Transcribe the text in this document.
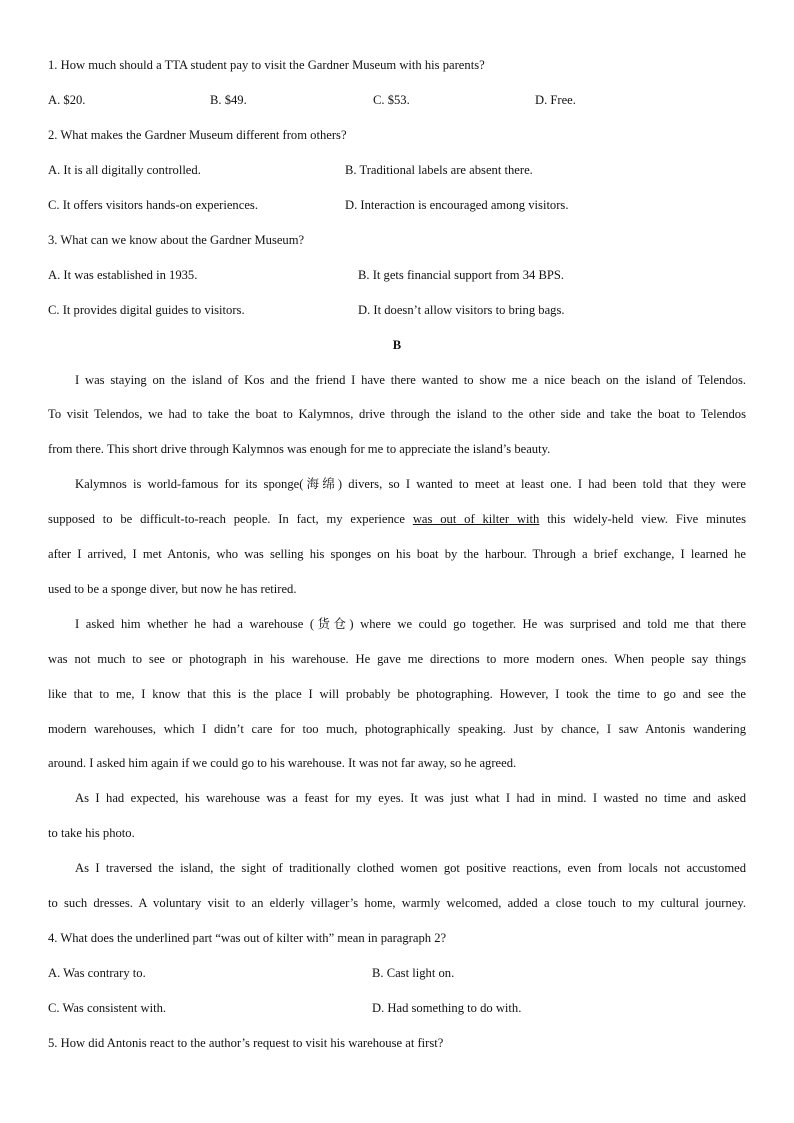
1. How much should a TTA student pay to visit the Gardner Museum with his parents?
A. $20.	B. $49.	C. $53.	D. Free.
2. What makes the Gardner Museum different from others?
A. It is all digitally controlled.	B. Traditional labels are absent there.
C. It offers visitors hands-on experiences.	D. Interaction is encouraged among visitors.
3. What can we know about the Gardner Museum?
A. It was established in 1935.	B. It gets financial support from 34 BPS.
C. It provides digital guides to visitors.	D. It doesn’t allow visitors to bring bags.
B
I was staying on the island of Kos and the friend I have there wanted to show me a nice beach on the island of Telendos.
To visit Telendos, we had to take the boat to Kalymnos, drive through the island to the other side and take the boat to Telendos
from there. This short drive through Kalymnos was enough for me to appreciate the island’s beauty.
Kalymnos is world-famous for its sponge(海绵) divers, so I wanted to meet at least one. I had been told that they were
supposed to be difficult-to-reach people. In fact, my experience was out of kilter with this widely-held view. Five minutes
after I arrived, I met Antonis, who was selling his sponges on his boat by the harbour. Through a brief exchange, I learned he
used to be a sponge diver, but now he has retired.
I asked him whether he had a warehouse (货仓) where we could go together. He was surprised and told me that there
was not much to see or photograph in his warehouse. He gave me directions to more modern ones. When people say things
like that to me, I know that this is the place I will probably be photographing. However, I took the time to go and see the
modern warehouses, which I didn’t care for too much, photographically speaking. Just by chance, I saw Antonis wandering
around. I asked him again if we could go to his warehouse. It was not far away, so he agreed.
As I had expected, his warehouse was a feast for my eyes. It was just what I had in mind. I wasted no time and asked
to take his photo.
As I traversed the island, the sight of traditionally clothed women got positive reactions, even from locals not accustomed
to such dresses. A voluntary visit to an elderly villager’s home, warmly welcomed, added a close touch to my cultural journey.
4. What does the underlined part “was out of kilter with” mean in paragraph 2?
A. Was contrary to.	B. Cast light on.
C. Was consistent with.	D. Had something to do with.
5. How did Antonis react to the author’s request to visit his warehouse at first?
